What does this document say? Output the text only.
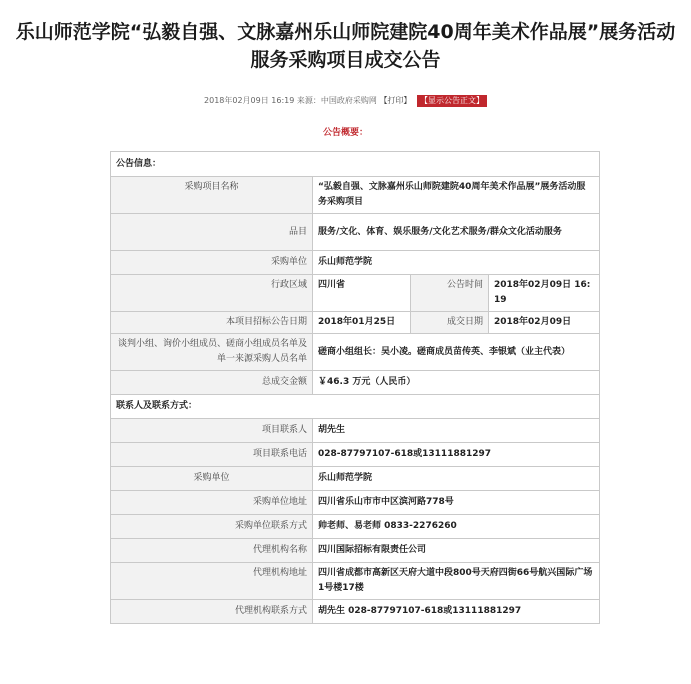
乐山师范学院“弘毅自强、文脉嘉州乐山师院建院40周年美术作品展”展务活动
服务采购项目成交公告
2018年02月09日 16:19 来源：中国政府采购网 【打印】 【显示公告正文】
公告概要：
公告信息：			
采购项目名称	“弘毅自强、文脉嘉州乐山师院建院40周年美术作品展”展务活动服务采购项目		
品目	服务/文化、体育、娱乐服务/文化艺术服务/群众文化活动服务		
采购单位	乐山师范学院		
行政区域	四川省	公告时间	2018年02月09日 16:19
本项目招标公告日期	2018年01月25日	成交日期	2018年02月09日
谈判小组、询价小组成员、磋商小组成员名单及单一来源采购人员名单	磋商小组组长：吴小凌。磋商成员苗传英、李银斌（业主代表）		
总成交金额	￥46.3 万元（人民币）		
联系人及联系方式：			
项目联系人	胡先生		
项目联系电话	028-87797107-618或13111881297		
采购单位	乐山师范学院		
采购单位地址	四川省乐山市市中区滨河路778号		
采购单位联系方式	帅老师、易老师 0833-2276260		
代理机构名称	四川国际招标有限责任公司		
代理机构地址	四川省成都市高新区天府大道中段800号天府四街66号航兴国际广场1号楼17楼		
代理机构联系方式	胡先生 028-87797107-618或13111881297		
